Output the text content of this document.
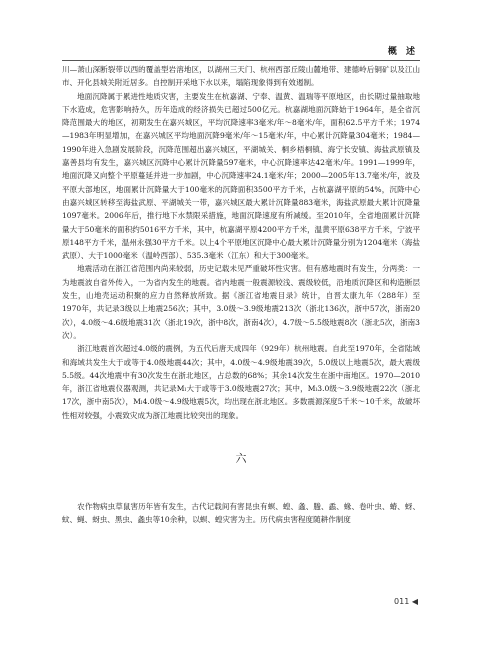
概 述

川—萧山深断裂带以西的覆盖型岩溶地区，以湖州三天门、杭州西部丘陵山麓地带、建德岭后铜矿以及江山市、开化县城关附近居多。自控制开采地下水以来，塌陷现象得到有效遏制。

地面沉降属于累进性地质灾害，主要发生在杭嘉湖、宁奉、温黄、温瑞等平原地区，由长期过量抽取地下水造成，危害影响持久，历年造成的经济损失已超过500亿元。杭嘉湖地面沉降始于1964年，是全省沉降范围最大的地区，初期发生在嘉兴城区，平均沉降速率3毫米/年～8毫米/年，面积62.5平方千米；1974—1983年明显增加，在嘉兴城区平均地面沉降9毫米/年～15毫米/年，中心累计沉降量304毫米；1984—1990年进入急剧发展阶段，沉降范围超出嘉兴城区，平湖城关、桐乡梧桐镇、海宁长安镇、海盐武原镇及嘉善县均有发生，嘉兴城区沉降中心累计沉降量597毫米，中心沉降速率达42毫米/年。1991—1999年，地面沉降又向整个平原蔓延并进一步加剧，中心沉降速率24.1毫米/年；2000—2005年13.7毫米/年，波及平原大部地区，地面累计沉降量大于100毫米的沉降面积3500平方千米，占杭嘉湖平原的54%，沉降中心由嘉兴城区转移至海盐武原、平湖城关一带，嘉兴城区最大累计沉降量883毫米，海盐武原最大累计沉降量1097毫米。2006年后，推行地下水禁限采措施，地面沉降速度有所减缓。至2010年，全省地面累计沉降量大于50毫米的面积约5016平方千米，其中，杭嘉湖平原4200平方千米，温黄平原638平方千米，宁波平原148平方千米，温州永强30平方千米。以上4个平原地区沉降中心最大累计沉降量分别为1204毫米（海盐武原）、大于1000毫米（温岭西部）、535.3毫米（江东）和大于300毫米。

地震活动在浙江省范围内尚来较弱，历史记载未见严重破坏性灾害。但有感地震时有发生，分两类：一为地震波自省外传入，一为省内发生的地震。省内地震一般震源较浅、震级较低，沿地质沉降区和构造断层发生，山地壳运动积聚的应力自然释放所致。据《浙江省地震目录》统计，自晋太康九年（288年）至1970年，共记录3级以上地震256次；其中，3.0级～3.9级地震213次（浙北136次，浙中57次，浙南20次），4.0级～4.6级地震31次（浙北19次，浙中8次，浙南4次），4.7级～5.5级地震8次（浙北5次，浙南3次）。

浙江地震首次超过4.0级的震例，为五代后唐天成四年（929年）杭州地震。自此至1970年，全省陆域和海域共发生大于或等于4.0级地震44次；其中，4.0级～4.9级地震39次，5.0级以上地震5次，最大震级5.5级。44次地震中有30次发生在浙北地区，占总数的68%；其余14次发生在浙中南地区。1970—2010年，浙江省地震仪器观测，共记录Mₗ大于或等于3.0级地震27次；其中，Mₗ3.0级～3.9级地震22次（浙北17次，浙中南5次），Mₗ4.0级～4.9级地震5次，均出现在浙北地区。多数震源深度5千米～10千米，故破坏性相对较强，小震致灾成为浙江地震比较突出的现象。

六

农作物病虫草鼠害历年皆有发生，古代记载间有害昆虫有螟、蝗、螽、螣、蟊、蝝、卷叶虫、蝽、蚜、蚊、蝇、蚜虫、黑虫、螽虫等10余种，以螟、蝗灾害为主。历代病虫害程度随耕作制度

011 ◀
